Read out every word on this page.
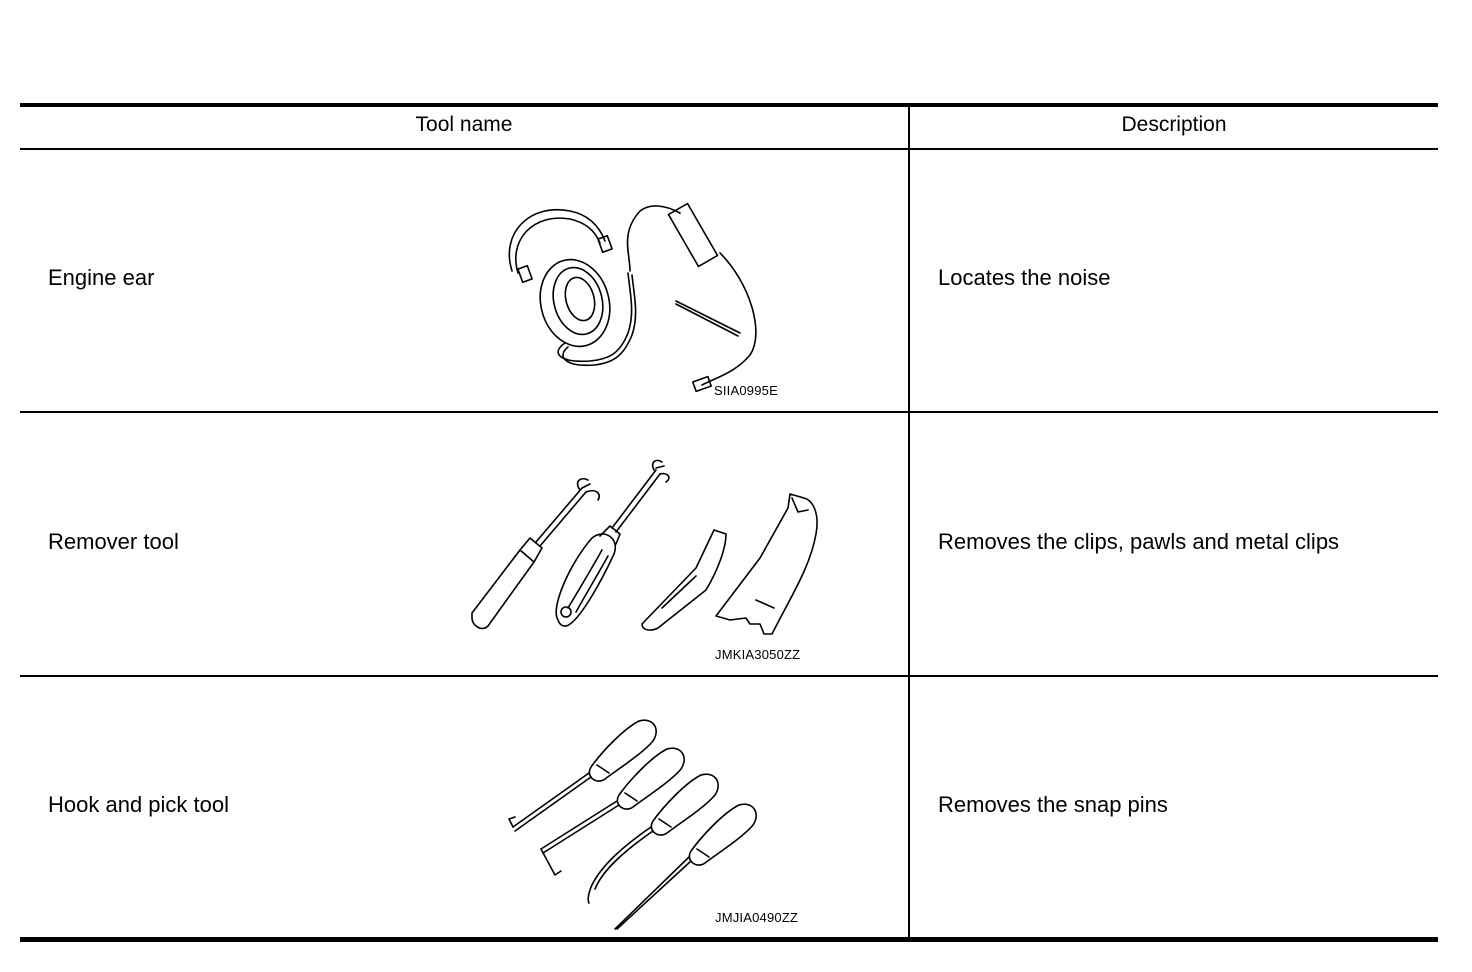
Tool name	Description
Engine ear
SIIA0995E
Remover tool
JMKIA3050ZZ
Hook and pick tool
JMJIA0490ZZ
Locates the noise
Removes the clips, pawls and metal clips
Removes the snap pins
